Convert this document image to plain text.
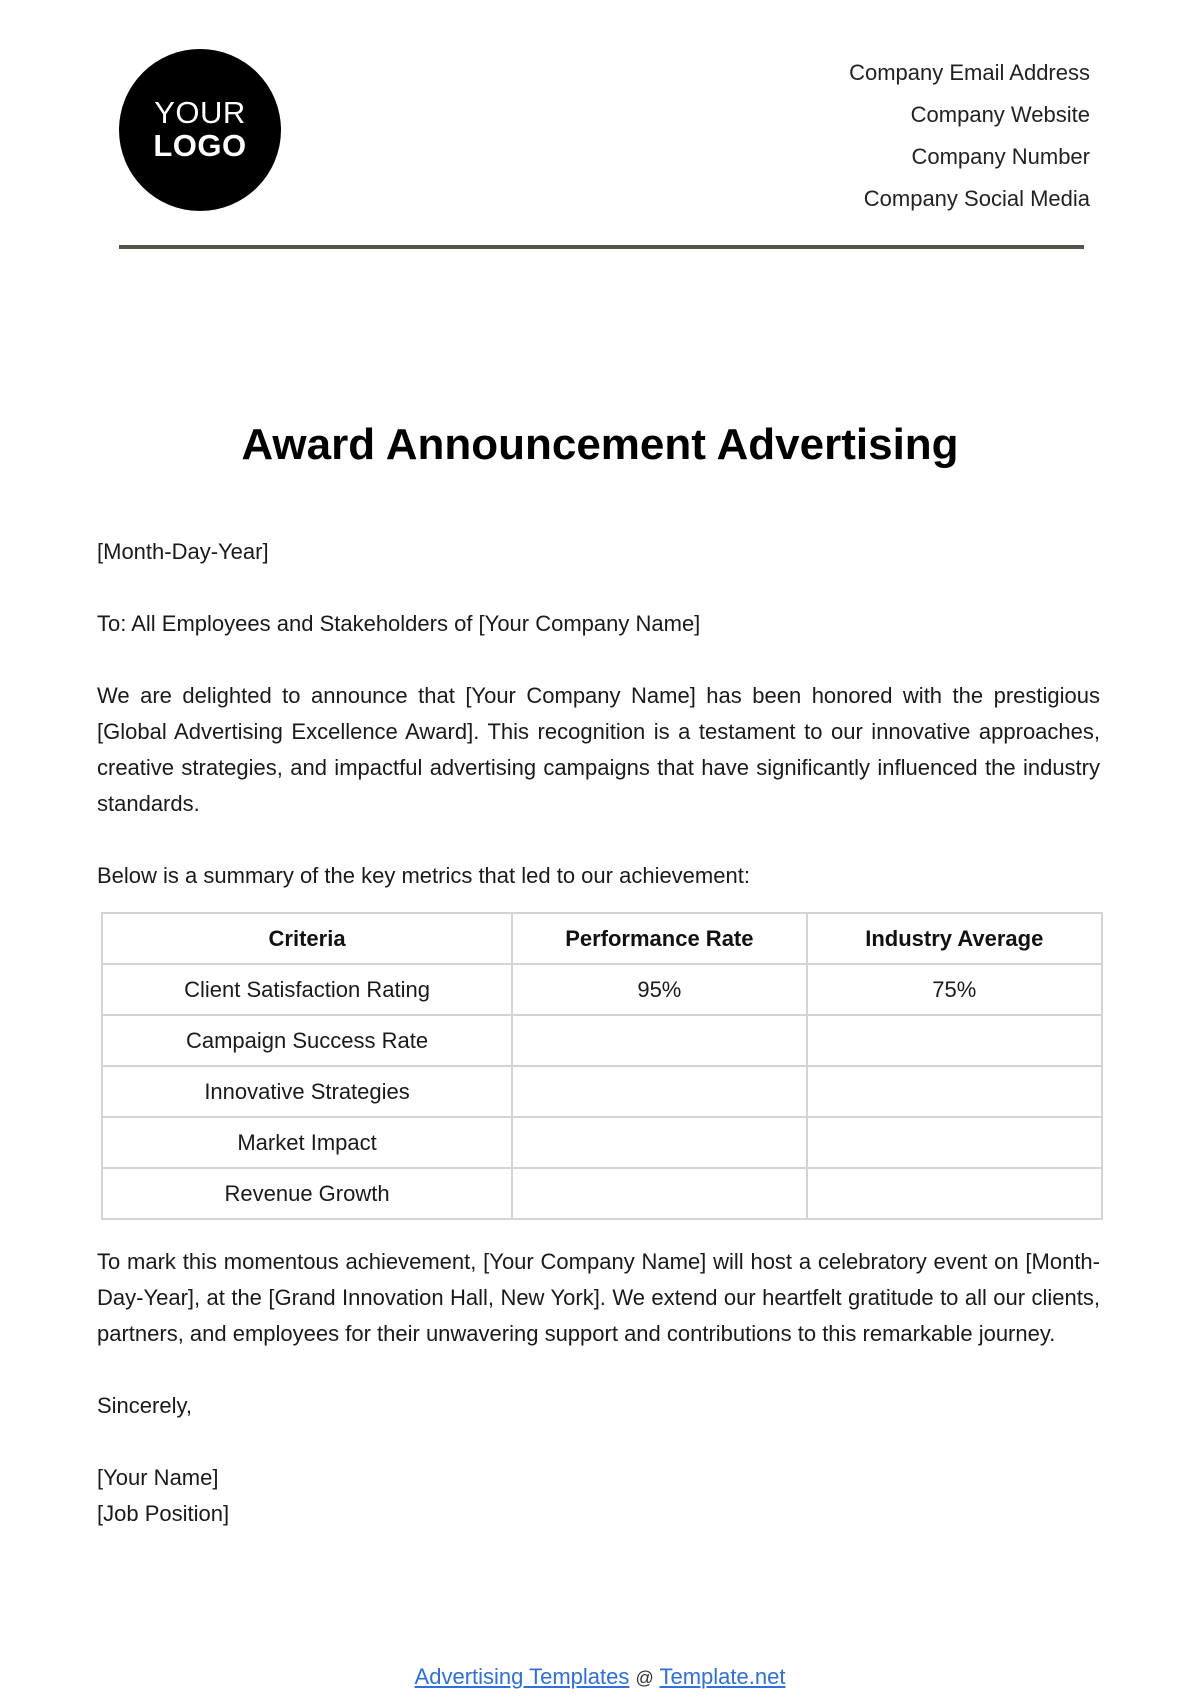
YOUR
LOGO
Company Email Address
Company Website
Company Number
Company Social Media
Award Announcement Advertising

[Month-Day-Year]

To: All Employees and Stakeholders of [Your Company Name]

We are delighted to announce that [Your Company Name] has been honored with the prestigious [Global Advertising Excellence Award]. This recognition is a testament to our innovative approaches, creative strategies, and impactful advertising campaigns that have significantly influenced the industry standards.

Below is a summary of the key metrics that led to our achievement:

Criteria	Performance Rate	Industry Average
Client Satisfaction Rating	95%	75%
Campaign Success Rate		
Innovative Strategies		
Market Impact		
Revenue Growth		

To mark this momentous achievement, [Your Company Name] will host a celebratory event on [Month-Day-Year], at the [Grand Innovation Hall, New York]. We extend our heartfelt gratitude to all our clients, partners, and employees for their unwavering support and contributions to this remarkable journey.

Sincerely,

[Your Name]

[Job Position]

Advertising Templates @ Template.net
